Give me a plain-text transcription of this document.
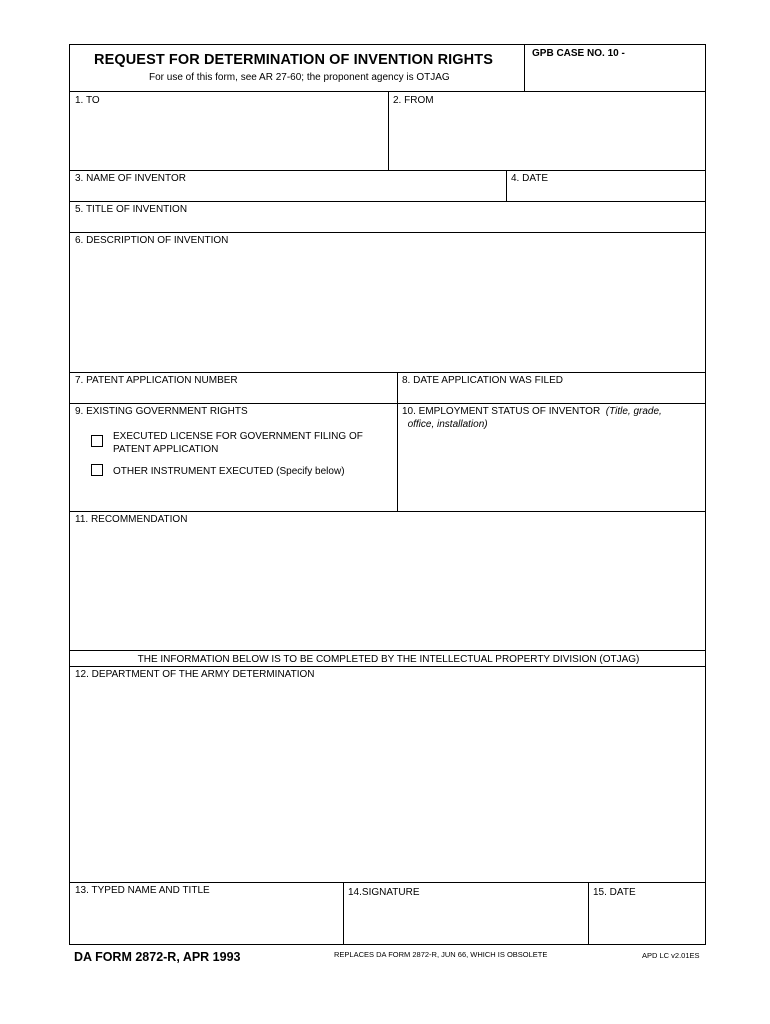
REQUEST FOR DETERMINATION OF INVENTION RIGHTS
For use of this form, see AR 27-60; the proponent agency is OTJAG
GPB CASE NO. 10 -
1. TO	2. FROM
3. NAME OF INVENTOR	4. DATE
5. TITLE OF INVENTION
6. DESCRIPTION OF INVENTION
7. PATENT APPLICATION NUMBER	8. DATE APPLICATION WAS FILED
9. EXISTING GOVERNMENT RIGHTS
EXECUTED LICENSE FOR GOVERNMENT FILING OF
PATENT APPLICATION
OTHER INSTRUMENT EXECUTED (Specify below)
10. EMPLOYMENT STATUS OF INVENTOR (Title, grade,
office, installation)
11. RECOMMENDATION
THE INFORMATION BELOW IS TO BE COMPLETED BY THE INTELLECTUAL PROPERTY DIVISION (OTJAG)
12. DEPARTMENT OF THE ARMY DETERMINATION
13. TYPED NAME AND TITLE	14.SIGNATURE	15. DATE
DA FORM 2872-R, APR 1993	REPLACES DA FORM 2872-R, JUN 66, WHICH IS OBSOLETE	APD LC v2.01ES
